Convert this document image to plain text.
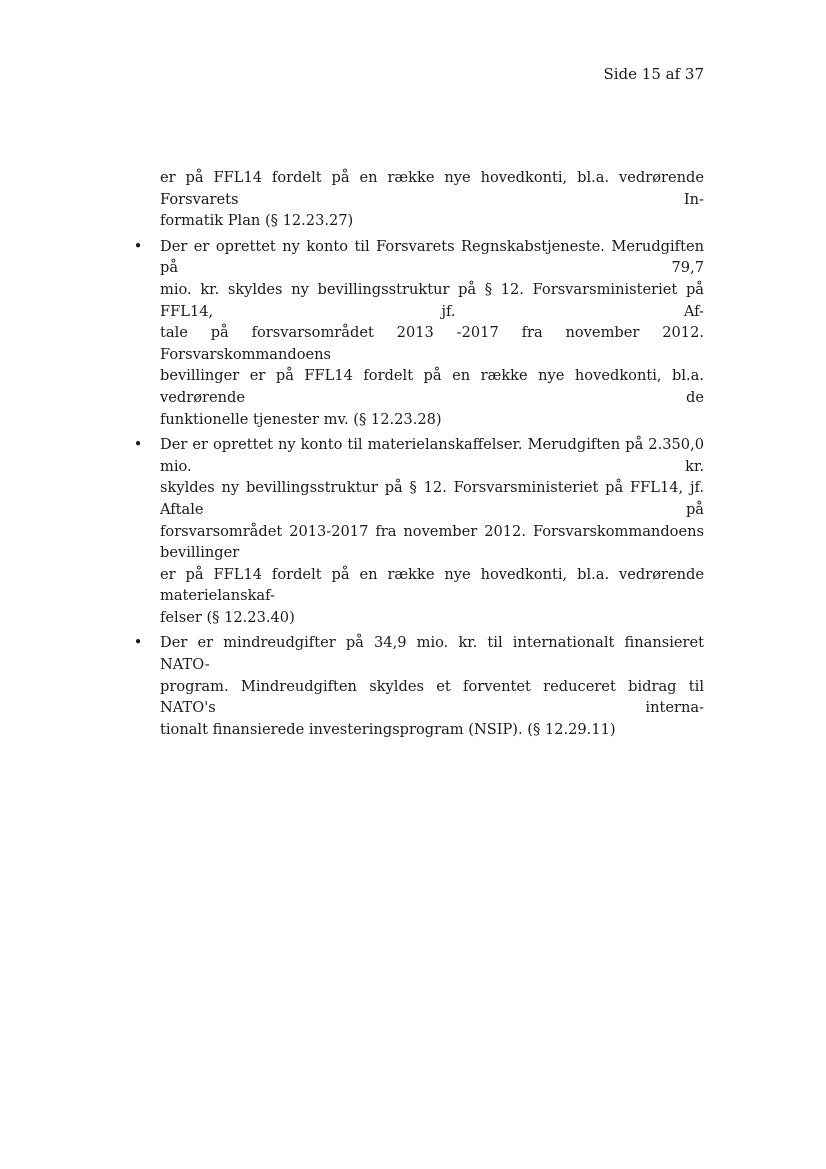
Side 15 af 37
er på FFL14 fordelt på en række nye hovedkonti, bl.a. vedrørende Forsvarets In-
formatik Plan (§ 12.23.27)
• Der er oprettet ny konto til Forsvarets Regnskabstjeneste. Merudgiften på 79,7
mio. kr. skyldes ny bevillingsstruktur på § 12. Forsvarsministeriet på FFL14, jf. Af-
tale på forsvarsområdet 2013 -2017 fra november 2012. Forsvarskommandoens
bevillinger er på FFL14 fordelt på en række nye hovedkonti, bl.a. vedrørende de
funktionelle tjenester mv. (§ 12.23.28)
• Der er oprettet ny konto til materielanskaffelser. Merudgiften på 2.350,0 mio. kr.
skyldes ny bevillingsstruktur på § 12. Forsvarsministeriet på FFL14, jf. Aftale på
forsvarsområdet 2013-2017 fra november 2012. Forsvarskommandoens bevillinger
er på FFL14 fordelt på en række nye hovedkonti, bl.a. vedrørende materielanskaf-
felser (§ 12.23.40)
• Der er mindreudgifter på 34,9 mio. kr. til internationalt finansieret NATO-
program. Mindreudgiften skyldes et forventet reduceret bidrag til NATO's interna-
tionalt finansierede investeringsprogram (NSIP). (§ 12.29.11)
